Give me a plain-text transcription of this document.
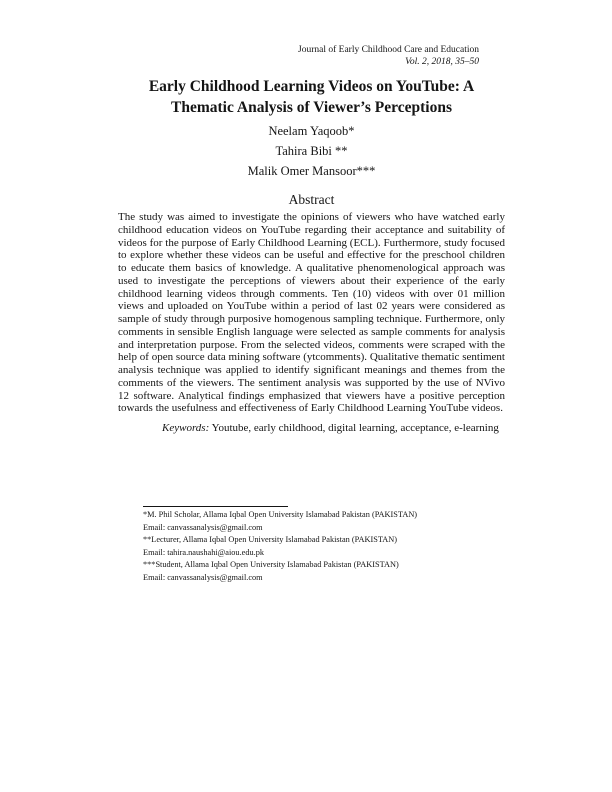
Journal of Early Childhood Care and Education
Vol. 2, 2018, 35–50
Early Childhood Learning Videos on YouTube: A
Thematic Analysis of Viewer’s Perceptions
Neelam Yaqoob*
Tahira Bibi **
Malik Omer Mansoor***
Abstract

The study was aimed to investigate the opinions of viewers who have watched early childhood education videos on YouTube regarding their acceptance and suitability of videos for the purpose of Early Childhood Learning (ECL). Furthermore, study focused to explore whether these videos can be useful and effective for the preschool children to educate them basics of knowledge. A qualitative phenomenological approach was used to investigate the perceptions of viewers about their experience of the early childhood learning videos through comments. Ten (10) videos with over 01 million views and uploaded on YouTube within a period of last 02 years were considered as sample of study through purposive homogenous sampling technique. Furthermore, only comments in sensible English language were selected as sample comments for analysis and interpretation purpose. From the selected videos, comments were scraped with the help of open source data mining software (ytcomments). Qualitative thematic sentiment analysis technique was applied to identify significant meanings and themes from the comments of the viewers. The sentiment analysis was supported by the use of NVivo 12 software. Analytical findings emphasized that viewers have a positive perception towards the usefulness and effectiveness of Early Childhood Learning YouTube videos.

Keywords: Youtube, early childhood, digital learning, acceptance, e-learning

*M. Phil Scholar, Allama Iqbal Open University Islamabad Pakistan (PAKISTAN)
Email: canvassanalysis@gmail.com
**Lecturer, Allama Iqbal Open University Islamabad Pakistan (PAKISTAN)
Email: tahira.naushahi@aiou.edu.pk
***Student, Allama Iqbal Open University Islamabad Pakistan (PAKISTAN)
Email: canvassanalysis@gmail.com
